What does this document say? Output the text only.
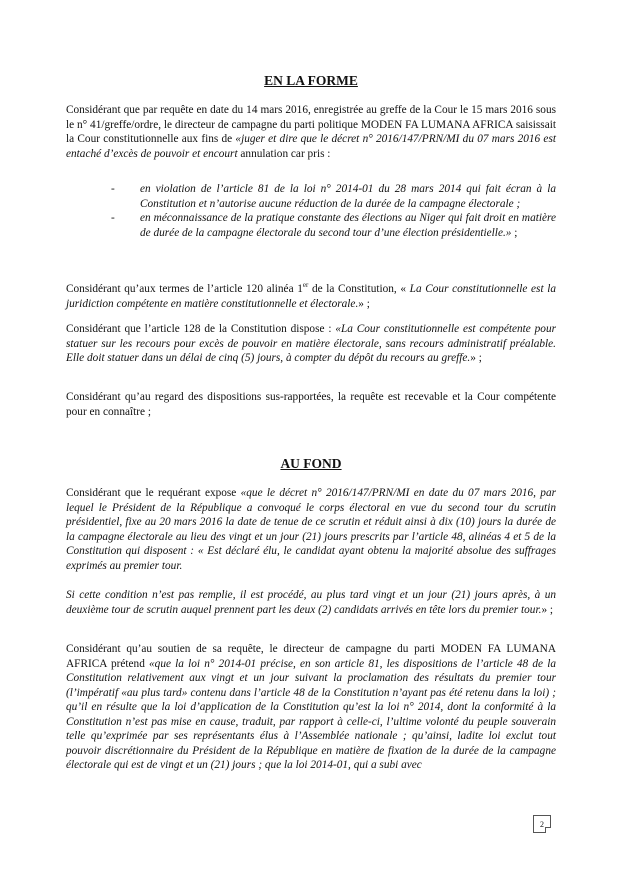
EN LA FORME

Considérant que par requête en date du 14 mars 2016, enregistrée au greffe de la Cour le 15 mars 2016 sous le n° 41/greffe/ordre, le directeur de campagne du parti politique MODEN FA LUMANA AFRICA saisissait la Cour constitutionnelle aux fins de «juger et dire que le décret n° 2016/147/PRN/MI du 07 mars 2016 est entaché d’excès de pouvoir et encourt annulation car pris :

- en violation de l’article 81 de la loi n° 2014-01 du 28 mars 2014 qui fait écran à la Constitution et n’autorise aucune réduction de la durée de la campagne électorale ;
- en méconnaissance de la pratique constante des élections au Niger qui fait droit en matière de durée de la campagne électorale du second tour d’une élection présidentielle.» ;

Considérant qu’aux termes de l’article 120 alinéa 1er de la Constitution, « La Cour constitutionnelle est la juridiction compétente en matière constitutionnelle et électorale.» ;

Considérant que l’article 128 de la Constitution dispose : «La Cour constitutionnelle est compétente pour statuer sur les recours pour excès de pouvoir en matière électorale, sans recours administratif préalable. Elle doit statuer dans un délai de cinq (5) jours, à compter du dépôt du recours au greffe.» ;

Considérant qu’au regard des dispositions sus-rapportées, la requête est recevable et la Cour compétente pour en connaître ;

AU FOND

Considérant que le requérant expose «que le décret n° 2016/147/PRN/MI en date du 07 mars 2016, par lequel le Président de la République a convoqué le corps électoral en vue du second tour du scrutin présidentiel, fixe au 20 mars 2016 la date de tenue de ce scrutin et réduit ainsi à dix (10) jours la durée de la campagne électorale au lieu des vingt et un jour (21) jours prescrits par l’article 48, alinéas 4 et 5 de la Constitution qui disposent : « Est déclaré élu, le candidat ayant obtenu la majorité absolue des suffrages exprimés au premier tour.

Si cette condition n’est pas remplie, il est procédé, au plus tard vingt et un jour (21) jours après, à un deuxième tour de scrutin auquel prennent part les deux (2) candidats arrivés en tête lors du premier tour.» ;

Considérant qu’au soutien de sa requête, le directeur de campagne du parti MODEN FA LUMANA AFRICA prétend «que la loi n° 2014-01 précise, en son article 81, les dispositions de l’article 48 de la Constitution relativement aux vingt et un jour suivant la proclamation des résultats du premier tour (l’impératif «au plus tard» contenu dans l’article 48 de la Constitution n’ayant pas été retenu dans la loi) ; qu’il en résulte que la loi d’application de la Constitution qu’est la loi n° 2014, dont la conformité à la Constitution n’est pas mise en cause, traduit, par rapport à celle-ci, l’ultime volonté du peuple souverain telle qu’exprimée par ses représentants élus à l’Assemblée nationale ; qu’ainsi, ladite loi exclut tout pouvoir discrétionnaire du Président de la République en matière de fixation de la durée de la campagne électorale qui est de vingt et un (21) jours ; que la loi 2014-01, qui a subi avec

2
